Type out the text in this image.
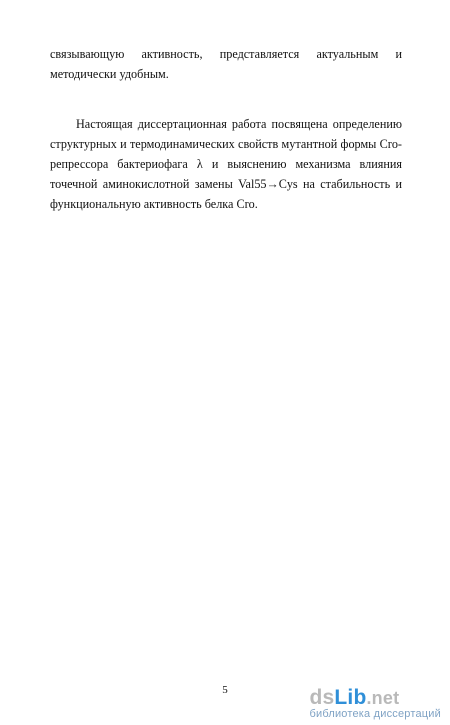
связывающую активность, представляется актуальным и методически удобным.
Настоящая диссертационная работа посвящена определению структурных и термодинамических свойств мутантной формы Cro-репрессора бактериофага λ и выяснению механизма влияния точечной аминокислотной замены Val55→Cys на стабильность и функциональную активность белка Cro.
5	dsLib.net
библиотека диссертаций
